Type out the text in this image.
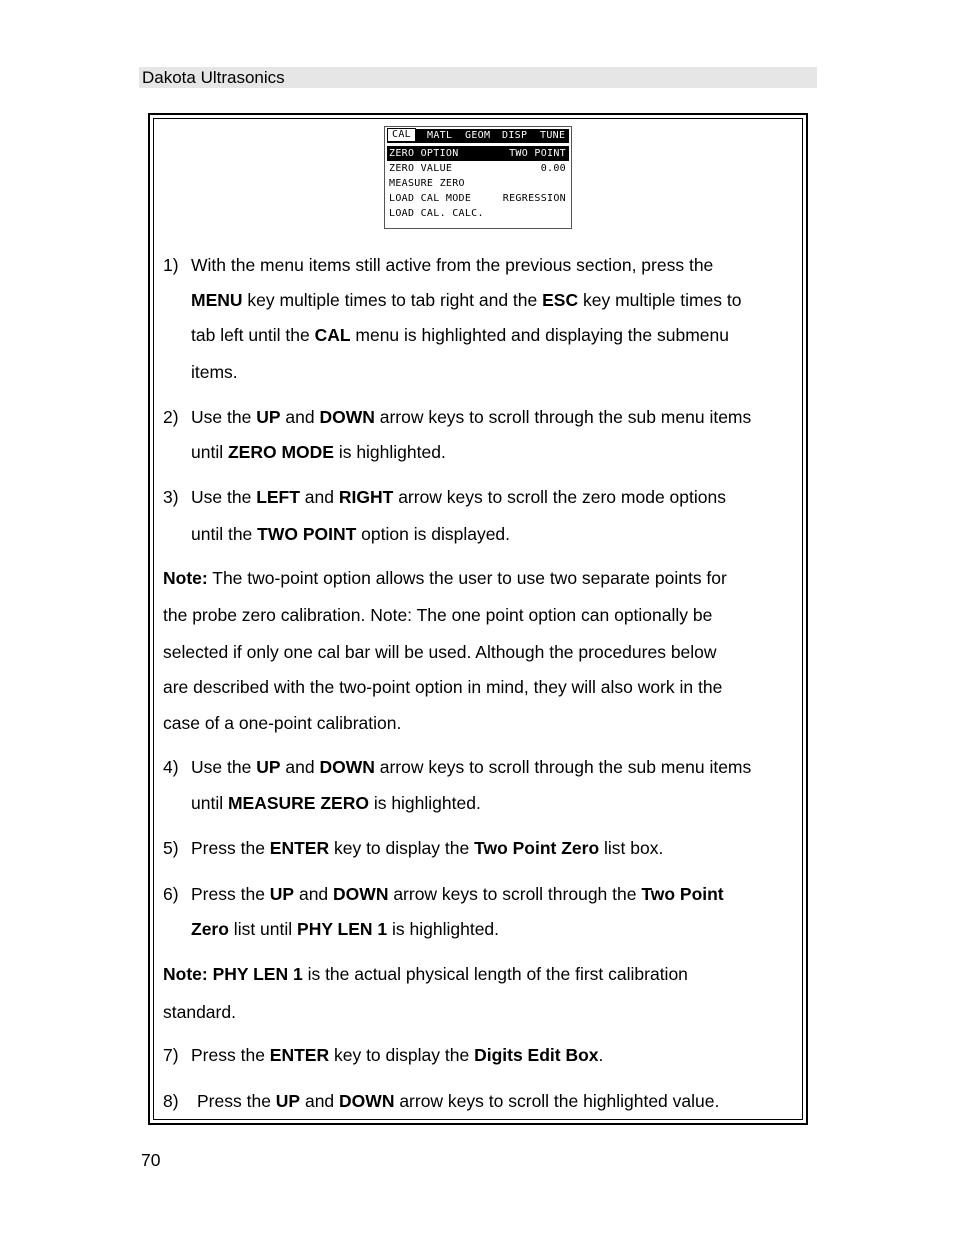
Dakota Ultrasonics
CAL	MATL GEOM DISP TUNE
ZERO OPTION	TWO POINT
ZERO VALUE	0.00
MEASURE ZERO
LOAD CAL MODE	REGRESSION
LOAD CAL. CALC.
1) With the menu items still active from the previous section, press the
MENU key multiple times to tab right and the ESC key multiple times to
tab left until the CAL menu is highlighted and displaying the submenu
items.
2) Use the UP and DOWN arrow keys to scroll through the sub menu items
until ZERO MODE is highlighted.
3) Use the LEFT and RIGHT arrow keys to scroll the zero mode options
until the TWO POINT option is displayed.
Note: The two-point option allows the user to use two separate points for
the probe zero calibration. Note: The one point option can optionally be
selected if only one cal bar will be used. Although the procedures below
are described with the two-point option in mind, they will also work in the
case of a one-point calibration.
4) Use the UP and DOWN arrow keys to scroll through the sub menu items
until MEASURE ZERO is highlighted.
5) Press the ENTER key to display the Two Point Zero list box.
6) Press the UP and DOWN arrow keys to scroll through the Two Point
Zero list until PHY LEN 1 is highlighted.
Note: PHY LEN 1 is the actual physical length of the first calibration
standard.
7) Press the ENTER key to display the Digits Edit Box.
8) Press the UP and DOWN arrow keys to scroll the highlighted value.
70
